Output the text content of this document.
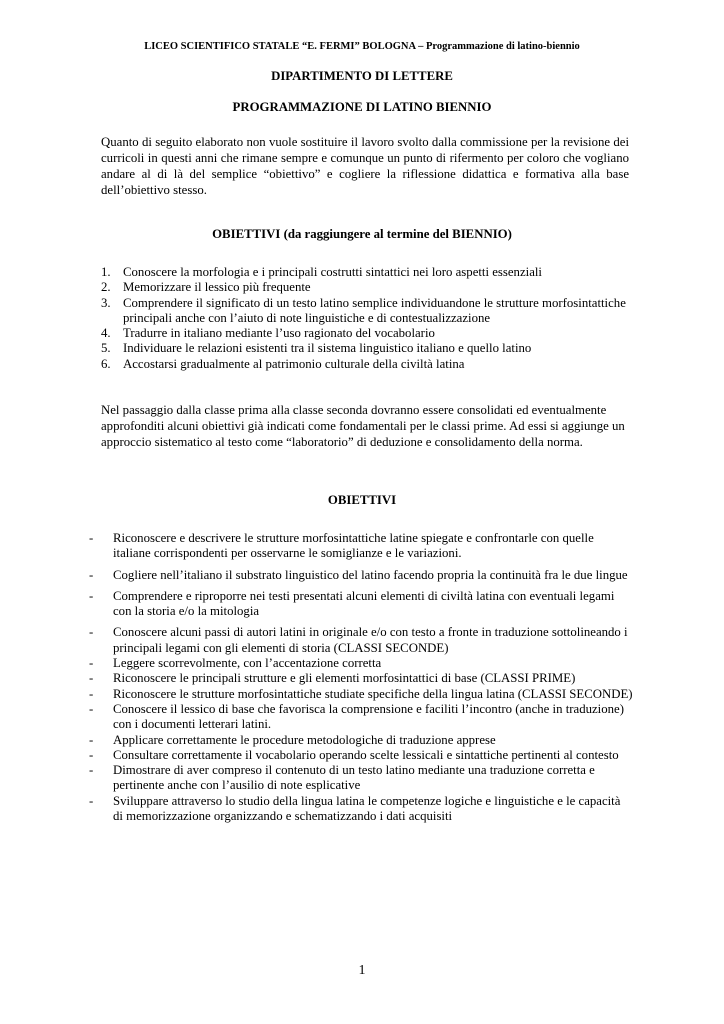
LICEO SCIENTIFICO STATALE “E. FERMI” BOLOGNA – Programmazione di latino-biennio
DIPARTIMENTO DI LETTERE
PROGRAMMAZIONE DI LATINO BIENNIO
Quanto di seguito elaborato non vuole sostituire il lavoro svolto dalla commissione per la revisione dei curricoli in questi anni che rimane sempre e comunque un punto di rifermento per coloro che vogliano andare al di là del semplice “obiettivo” e cogliere la riflessione didattica e formativa alla base dell’obiettivo stesso.
OBIETTIVI (da raggiungere al termine del BIENNIO)
1. Conoscere la morfologia e i principali costrutti sintattici nei loro aspetti essenziali
2. Memorizzare il lessico più frequente
3. Comprendere il significato di un testo latino semplice individuandone le strutture morfosintattiche principali anche con l’aiuto di note linguistiche e di contestualizzazione
4. Tradurre in italiano mediante l’uso ragionato del vocabolario
5. Individuare le relazioni esistenti tra il sistema linguistico italiano e quello latino
6. Accostarsi gradualmente al patrimonio culturale della civiltà latina
Nel passaggio dalla classe prima alla classe seconda dovranno essere consolidati ed eventualmente approfonditi alcuni obiettivi già indicati come fondamentali per le classi prime. Ad essi si aggiunge un approccio sistematico al testo come “laboratorio” di deduzione e consolidamento della norma.
OBIETTIVI
- Riconoscere e descrivere le strutture morfosintattiche latine spiegate e confrontarle con quelle italiane corrispondenti per osservarne le somiglianze e le variazioni.
- Cogliere nell’italiano il substrato linguistico del latino facendo propria la continuità fra le due lingue
- Comprendere e riproporre nei testi presentati alcuni elementi di civiltà latina con eventuali legami con la storia e/o la mitologia
- Conoscere alcuni passi di autori latini in originale e/o con testo a fronte in traduzione sottolineando i principali legami con gli elementi di storia (CLASSI SECONDE)
- Leggere scorrevolmente, con l’accentazione corretta
- Riconoscere le principali strutture e gli elementi morfosintattici di base (CLASSI PRIME)
- Riconoscere le strutture morfosintattiche studiate specifiche della lingua latina (CLASSI SECONDE)
- Conoscere il lessico di base che favorisca la comprensione e faciliti l’incontro (anche in traduzione) con i documenti letterari latini.
- Applicare correttamente le procedure metodologiche di traduzione apprese
- Consultare correttamente il vocabolario operando scelte lessicali e sintattiche pertinenti al contesto
- Dimostrare di aver compreso il contenuto di un testo latino mediante una traduzione corretta e pertinente anche con l’ausilio di note esplicative
- Sviluppare attraverso lo studio della lingua latina le competenze logiche e linguistiche e le capacità di memorizzazione organizzando e schematizzando i dati acquisiti
1
